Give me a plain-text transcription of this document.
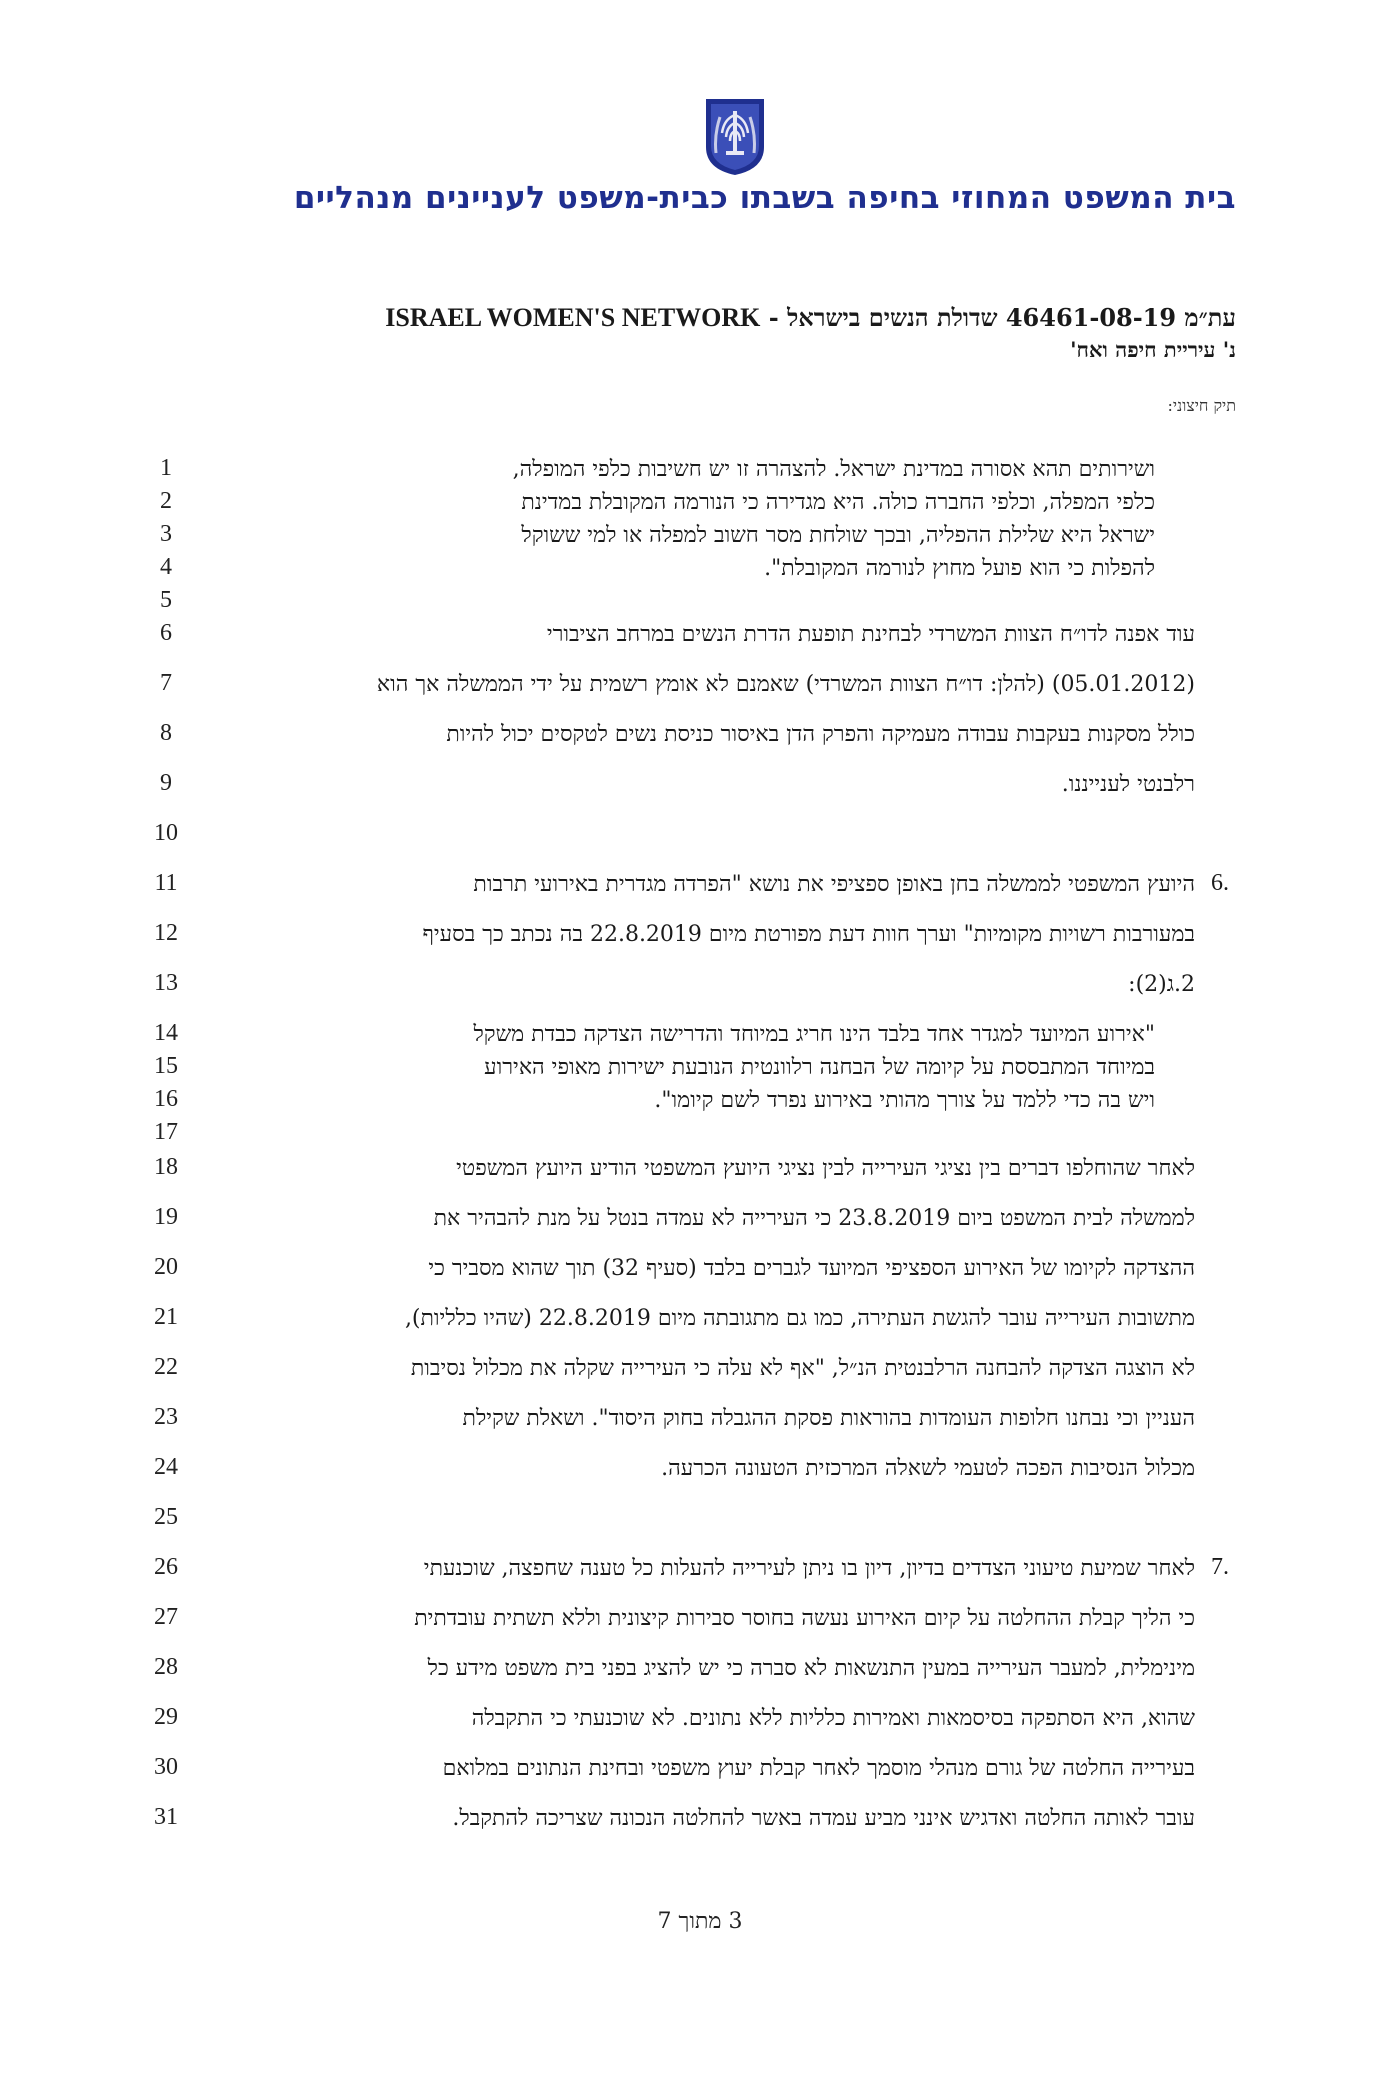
בית המשפט המחוזי בחיפה בשבתו כבית-משפט לעניינים מנהליים
עת״מ 46461-08-19 שדולת הנשים בישראל - ISRAEL WOMEN'S NETWORK
נ' עיריית חיפה ואח'
תיק חיצוני:
1	ושירותים תהא אסורה במדינת ישראל. להצהרה זו יש חשיבות כלפי המופלה,
2	כלפי המפלה, וכלפי החברה כולה. היא מגדירה כי הנורמה המקובלת במדינת
3	ישראל היא שלילת ההפליה, ובכך שולחת מסר חשוב למפלה או למי ששוקל
4	להפלות כי הוא פועל מחוץ לנורמה המקובלת".
5
6	עוד אפנה לדו״ח הצוות המשרדי לבחינת תופעת הדרת הנשים במרחב הציבורי
7	(05.01.2012) (להלן: דו״ח הצוות המשרדי) שאמנם לא אומץ רשמית על ידי הממשלה אך הוא
8	כולל מסקנות בעקבות עבודה מעמיקה והפרק הדן באיסור כניסת נשים לטקסים יכול להיות
9	רלבנטי לענייננו.
10
11	היועץ המשפטי לממשלה בחן באופן ספציפי את נושא "הפרדה מגדרית באירועי תרבות 6.
12	במעורבות רשויות מקומיות" וערך חוות דעת מפורטת מיום 22.8.2019 בה נכתב כך בסעיף
13	2.ג(2):
14	"אירוע המיועד למגדר אחד בלבד הינו חריג במיוחד והדרישה הצדקה כבדת משקל
15	במיוחד המתבססת על קיומה של הבחנה רלוונטית הנובעת ישירות מאופי האירוע
16	ויש בה כדי ללמד על צורך מהותי באירוע נפרד לשם קיומו".
17
18	לאחר שהוחלפו דברים בין נציגי העירייה לבין נציגי היועץ המשפטי הודיע היועץ המשפטי
19	לממשלה לבית המשפט ביום 23.8.2019 כי העירייה לא עמדה בנטל על מנת להבהיר את
20	ההצדקה לקיומו של האירוע הספציפי המיועד לגברים בלבד (סעיף 32) תוך שהוא מסביר כי
21	מתשובות העירייה עובר להגשת העתירה, כמו גם מתגובתה מיום 22.8.2019 (שהיו כלליות),
22	לא הוצגה הצדקה להבחנה הרלבנטית הנ״ל, "אף לא עלה כי העירייה שקלה את מכלול נסיבות
23	העניין וכי נבחנו חלופות העומדות בהוראות פסקת ההגבלה בחוק היסוד". ושאלת שקילת
24	מכלול הנסיבות הפכה לטעמי לשאלה המרכזית הטעונה הכרעה.
25
26	לאחר שמיעת טיעוני הצדדים בדיון, דיון בו ניתן לעירייה להעלות כל טענה שחפצה, שוכנעתי 7.
27	כי הליך קבלת ההחלטה על קיום האירוע נעשה בחוסר סבירות קיצונית וללא תשתית עובדתית
28	מינימלית, למעבר העירייה במעין התנשאות לא סברה כי יש להציג בפני בית משפט מידע כל
29	שהוא, היא הסתפקה בסיסמאות ואמירות כלליות ללא נתונים. לא שוכנעתי כי התקבלה
30	בעירייה החלטה של גורם מנהלי מוסמך לאחר קבלת יעוץ משפטי ובחינת הנתונים במלואם
31	עובר לאותה החלטה ואדגיש אינני מביע עמדה באשר להחלטה הנכונה שצריכה להתקבל.
3 מתוך 7
